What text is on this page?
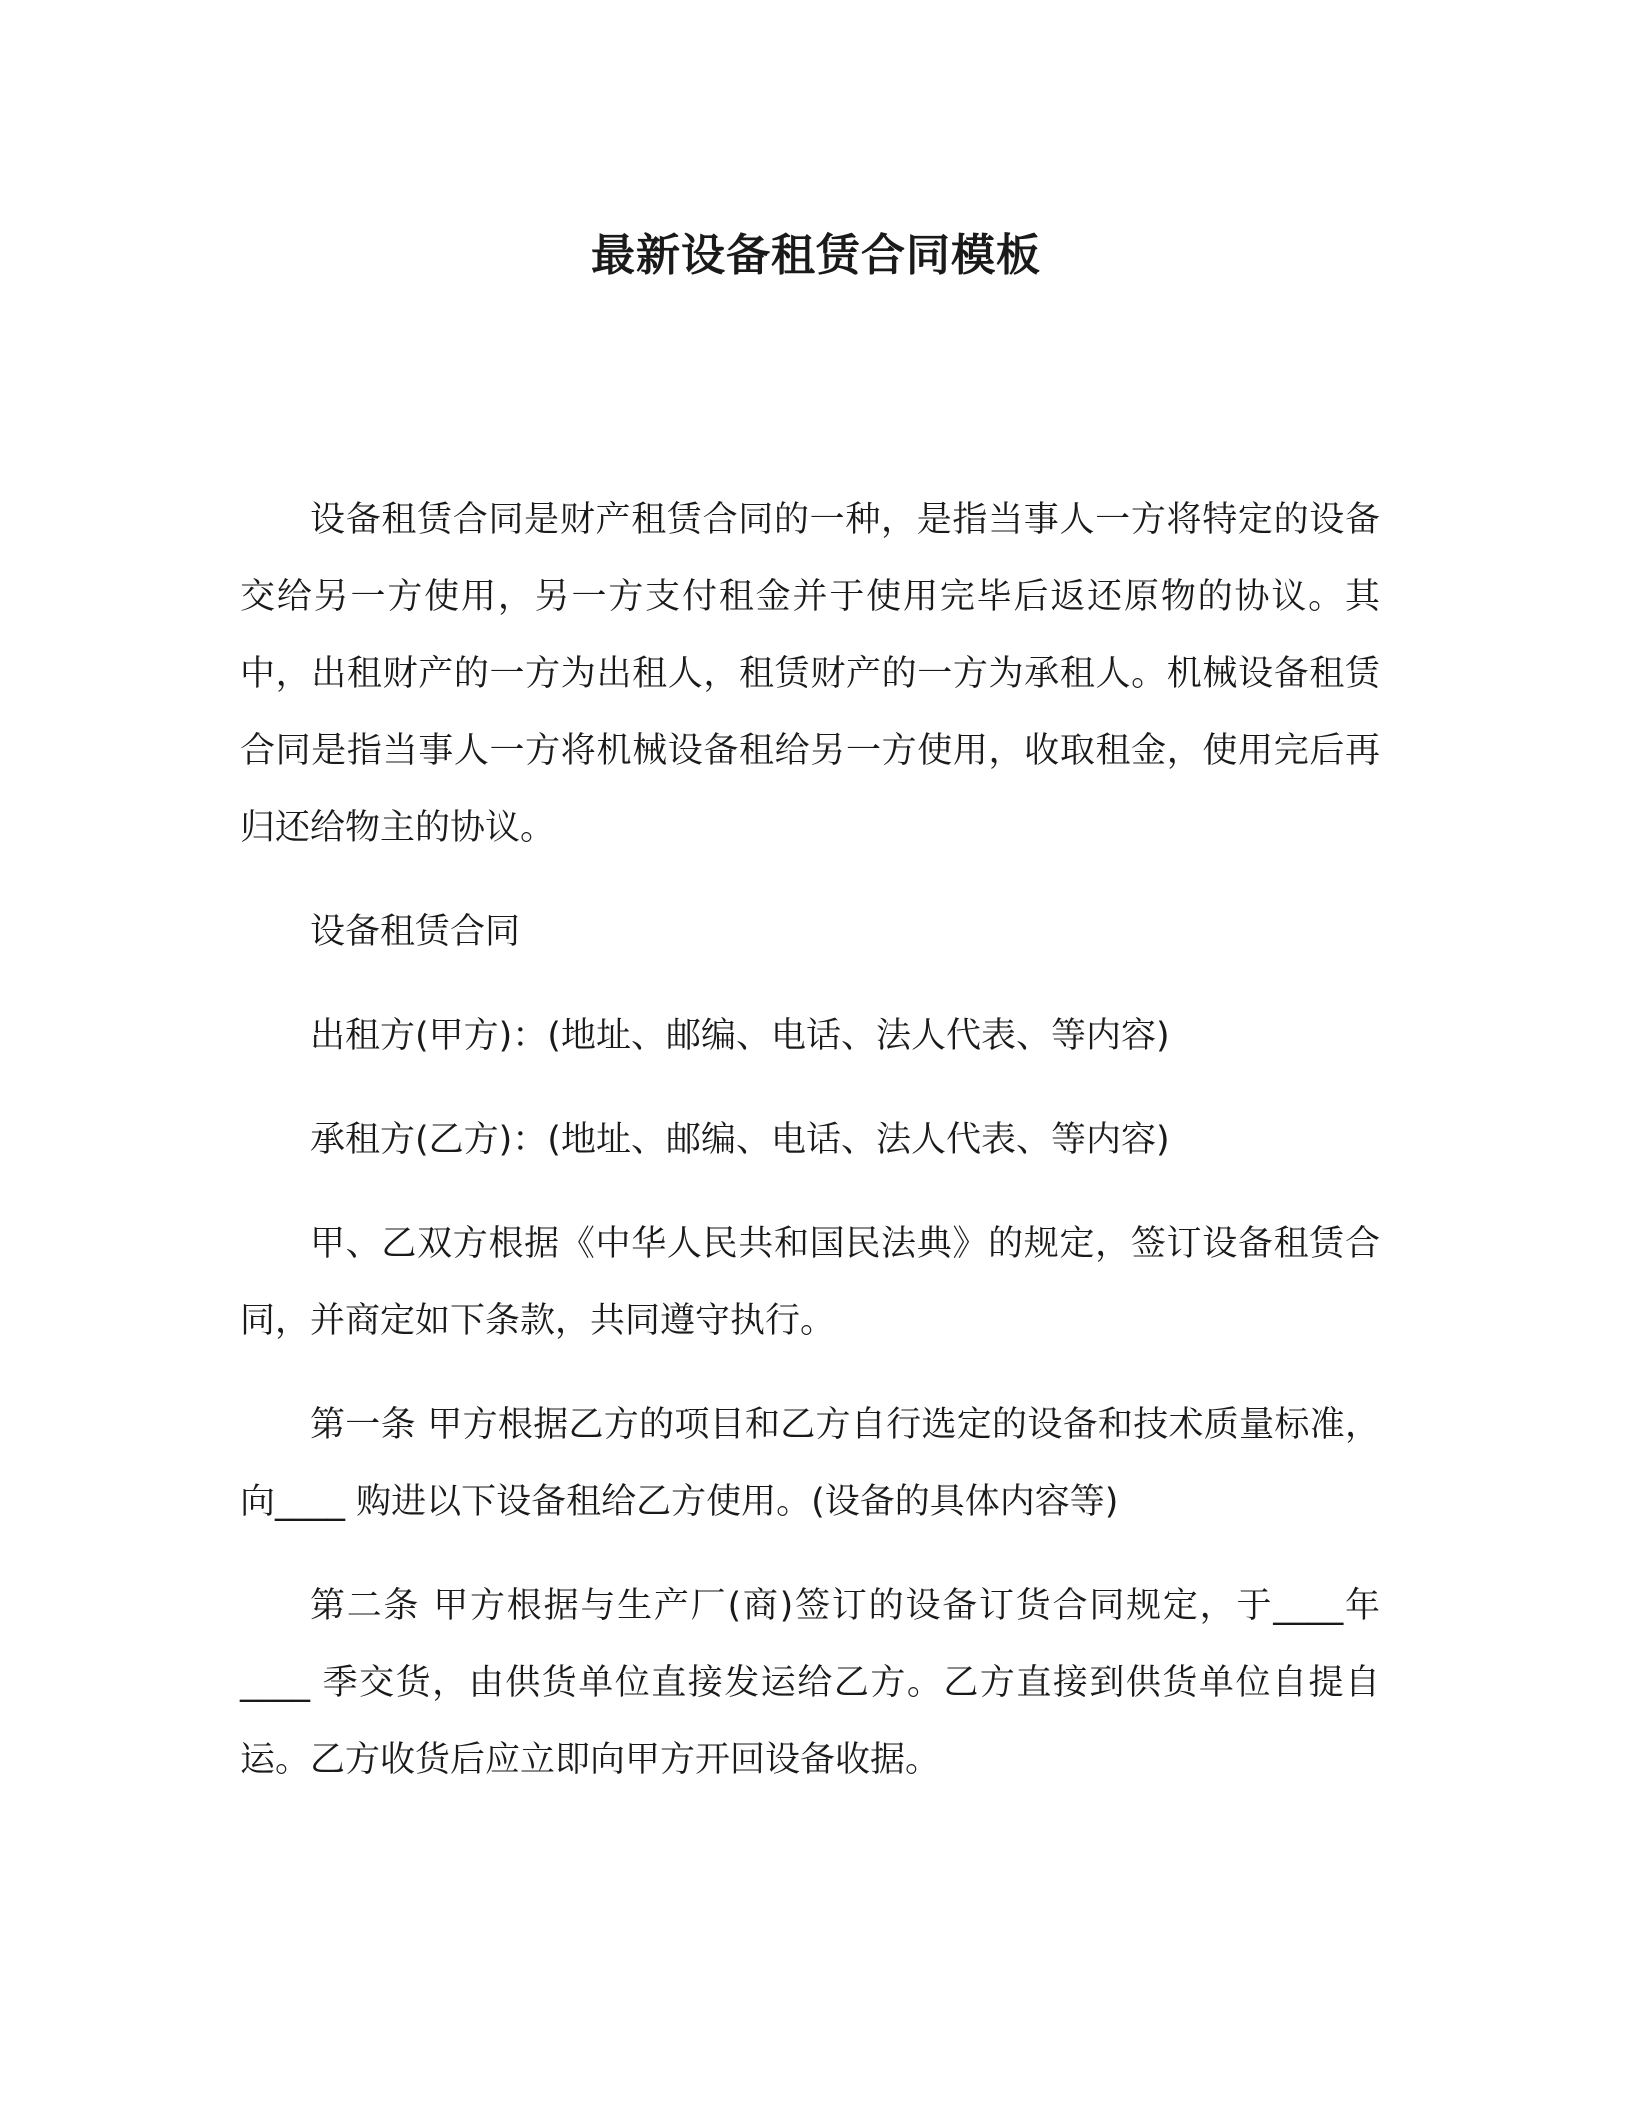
最新设备租赁合同模板

设备租赁合同是财产租赁合同的一种，是指当事人一方将特定的设备交给另一方使用，另一方支付租金并于使用完毕后返还原物的协议。其中，出租财产的一方为出租人，租赁财产的一方为承租人。机械设备租赁合同是指当事人一方将机械设备租给另一方使用，收取租金，使用完后再归还给物主的协议。

设备租赁合同

出租方(甲方)：(地址、邮编、电话、法人代表、等内容)

承租方(乙方)：(地址、邮编、电话、法人代表、等内容)

甲、乙双方根据《中华人民共和国民法典》的规定，签订设备租赁合同，并商定如下条款，共同遵守执行。

第一条 甲方根据乙方的项目和乙方自行选定的设备和技术质量标准，向____ 购进以下设备租给乙方使用。(设备的具体内容等)

第二条 甲方根据与生产厂(商)签订的设备订货合同规定，于____年____ 季交货，由供货单位直接发运给乙方。乙方直接到供货单位自提自运。乙方收货后应立即向甲方开回设备收据。
